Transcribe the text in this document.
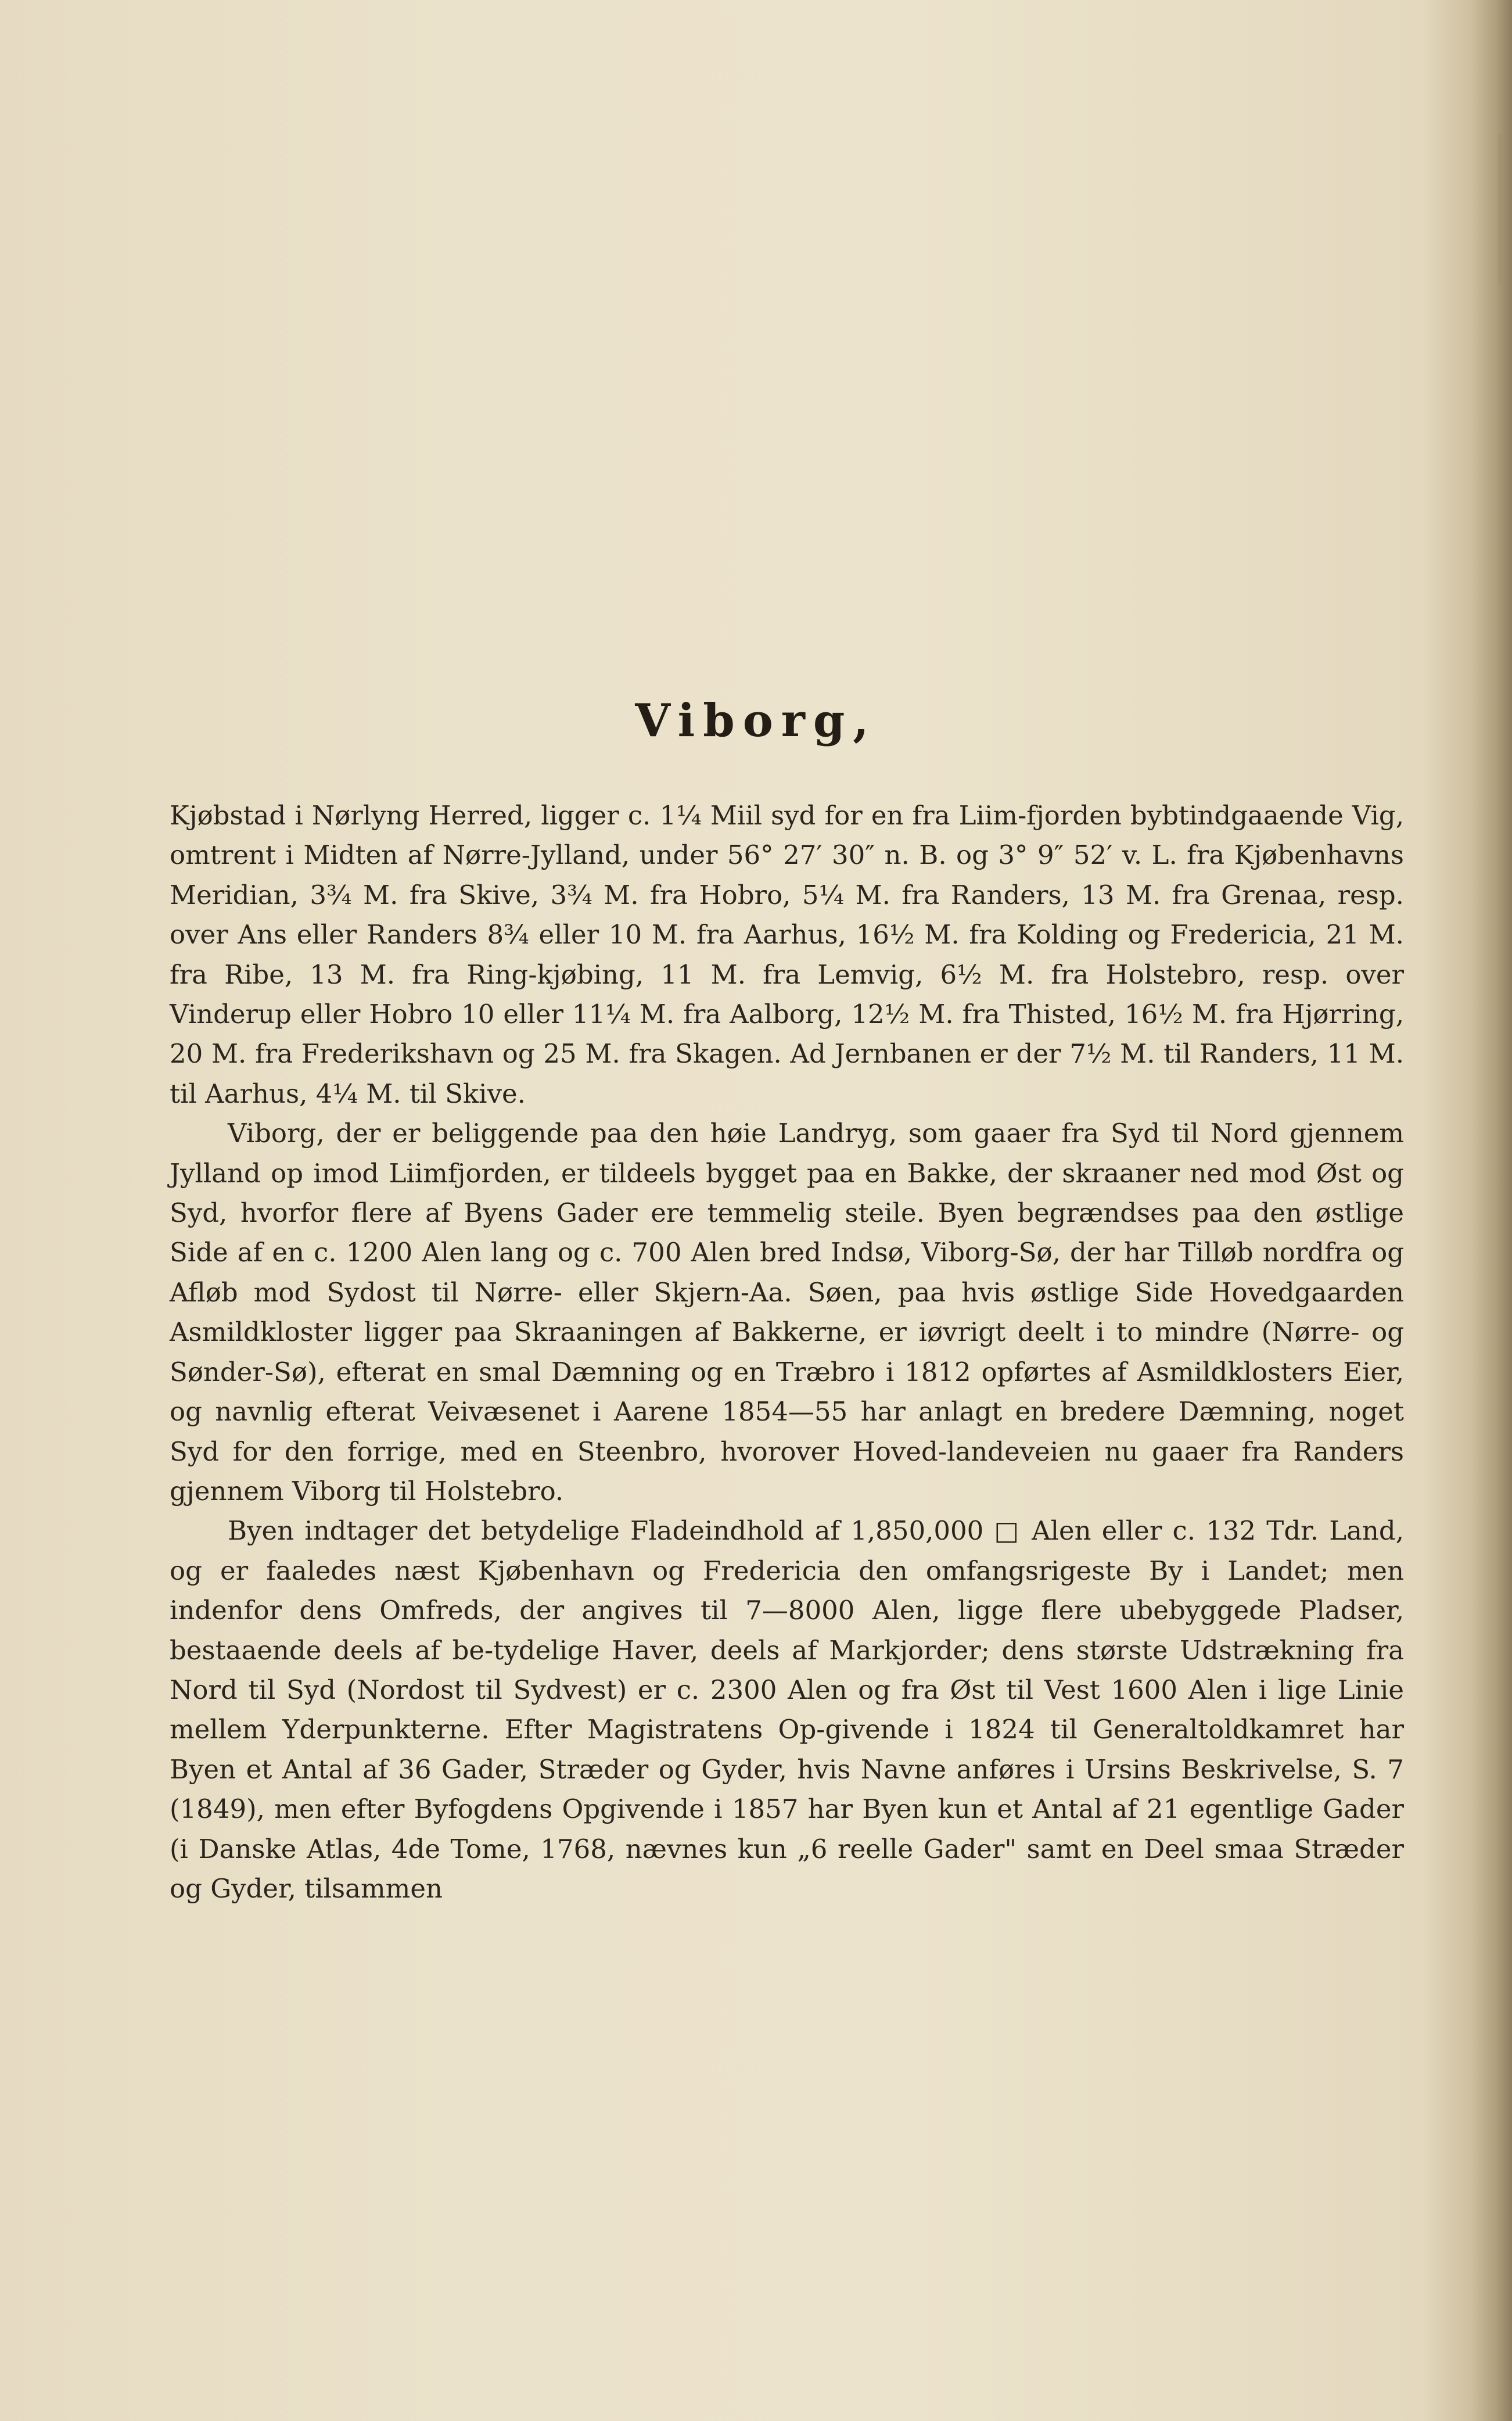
Viborg,

Kjøbstad i Nørlyng Herred, ligger c. 1¼ Miil syd for en fra Liim-fjorden bybtindgaaende Vig, omtrent i Midten af Nørre-Jylland, under 56° 27′ 30″ n. B. og 3° 9″ 52′ v. L. fra Kjøbenhavns Meridian, 3¾ M. fra Skive, 3¾ M. fra Hobro, 5¼ M. fra Randers, 13 M. fra Grenaa, resp. over Ans eller Randers 8¾ eller 10 M. fra Aarhus, 16½ M. fra Kolding og Fredericia, 21 M. fra Ribe, 13 M. fra Ring-kjøbing, 11 M. fra Lemvig, 6½ M. fra Holstebro, resp. over Vinderup eller Hobro 10 eller 11¼ M. fra Aalborg, 12½ M. fra Thisted, 16½ M. fra Hjørring, 20 M. fra Frederikshavn og 25 M. fra Skagen. Ad Jernbanen er der 7½ M. til Randers, 11 M. til Aarhus, 4¼ M. til Skive.

Viborg, der er beliggende paa den høie Landryg, som gaaer fra Syd til Nord gjennem Jylland op imod Liimfjorden, er tildeels bygget paa en Bakke, der skraaner ned mod Øst og Syd, hvorfor flere af Byens Gader ere temmelig steile. Byen begrændses paa den østlige Side af en c. 1200 Alen lang og c. 700 Alen bred Indsø, Viborg-Sø, der har Tilløb nordfra og Afløb mod Sydost til Nørre- eller Skjern-Aa. Søen, paa hvis østlige Side Hovedgaarden Asmildkloster ligger paa Skraaningen af Bakkerne, er iøvrigt deelt i to mindre (Nørre- og Sønder-Sø), efterat en smal Dæmning og en Træbro i 1812 opførtes af Asmildklosters Eier, og navnlig efterat Veivæsenet i Aarene 1854—55 har anlagt en bredere Dæmning, noget Syd for den forrige, med en Steenbro, hvorover Hoved-landeveien nu gaaer fra Randers gjennem Viborg til Holstebro.

Byen indtager det betydelige Fladeindhold af 1,850,000 □ Alen eller c. 132 Tdr. Land, og er faaledes næst Kjøbenhavn og Fredericia den omfangsrigeste By i Landet; men indenfor dens Omfreds, der angives til 7—8000 Alen, ligge flere ubebyggede Pladser, bestaaende deels af be-tydelige Haver, deels af Markjorder; dens største Udstrækning fra Nord til Syd (Nordost til Sydvest) er c. 2300 Alen og fra Øst til Vest 1600 Alen i lige Linie mellem Yderpunkterne. Efter Magistratens Op-givende i 1824 til Generaltoldkamret har Byen et Antal af 36 Gader, Stræder og Gyder, hvis Navne anføres i Ursins Beskrivelse, S. 7 (1849), men efter Byfogdens Opgivende i 1857 har Byen kun et Antal af 21 egentlige Gader (i Danske Atlas, 4de Tome, 1768, nævnes kun „6 reelle Gader" samt en Deel smaa Stræder og Gyder, tilsammen
